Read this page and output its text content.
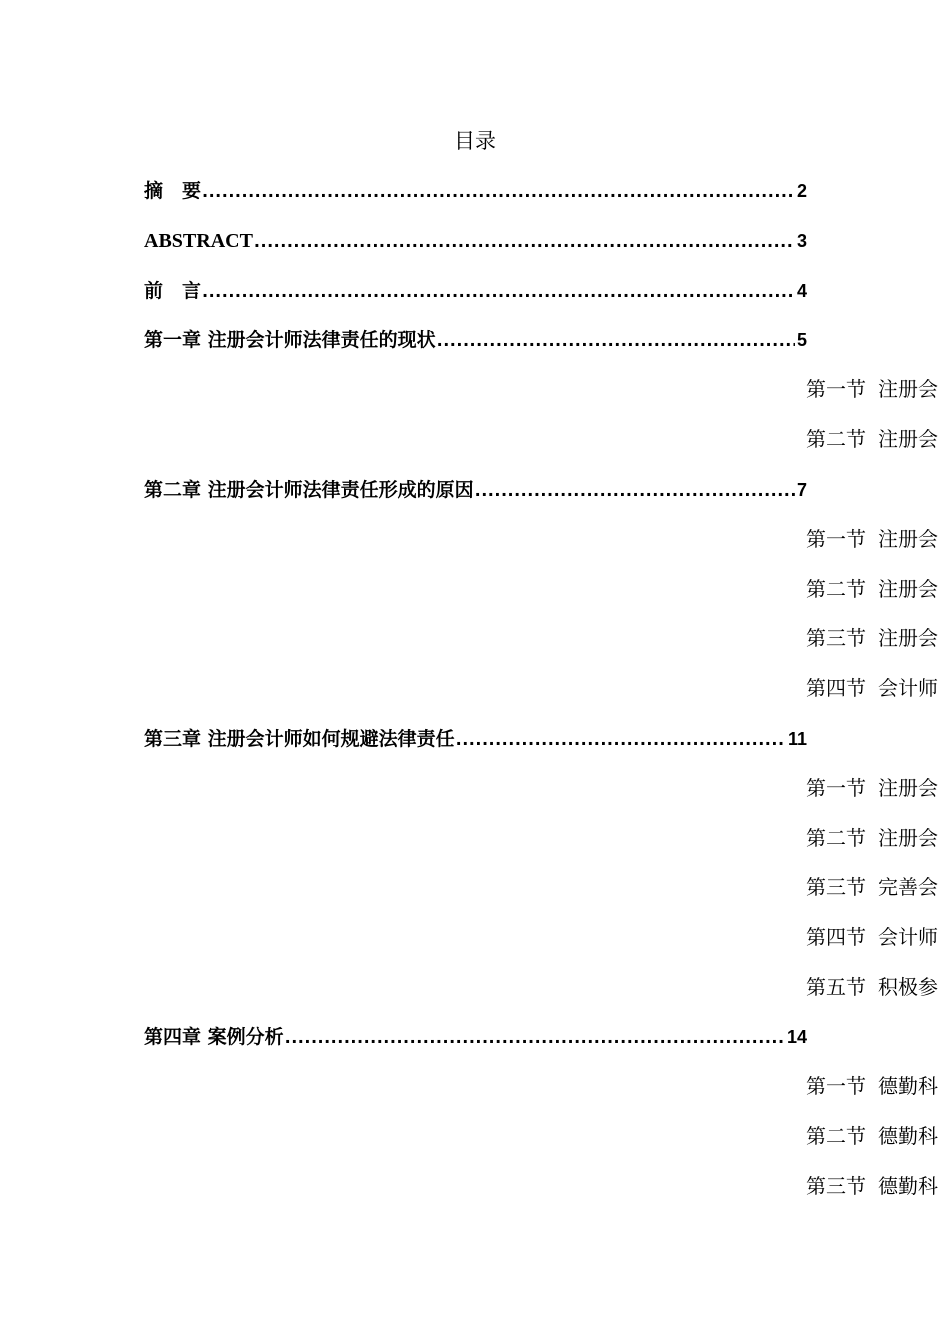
目录
摘　要 .....	2
ABSTRACT .....	3
前　言 .....	4
第一章 注册会计师法律责任的现状 .....	5
第一节 注册会
第二节 注册会
第二章 注册会计师法律责任形成的原因 .....	7
第一节 注册会
第二节 注册会
第三节 注册会
第四节 会计师
第三章 注册会计师如何规避法律责任 .....	11
第一节 注册会
第二节 注册会
第三节 完善会
第四节 会计师
第五节 积极参
第四章 案例分析 .....	14
第一节 德勤科
第二节 德勤科
第三节 德勤科
